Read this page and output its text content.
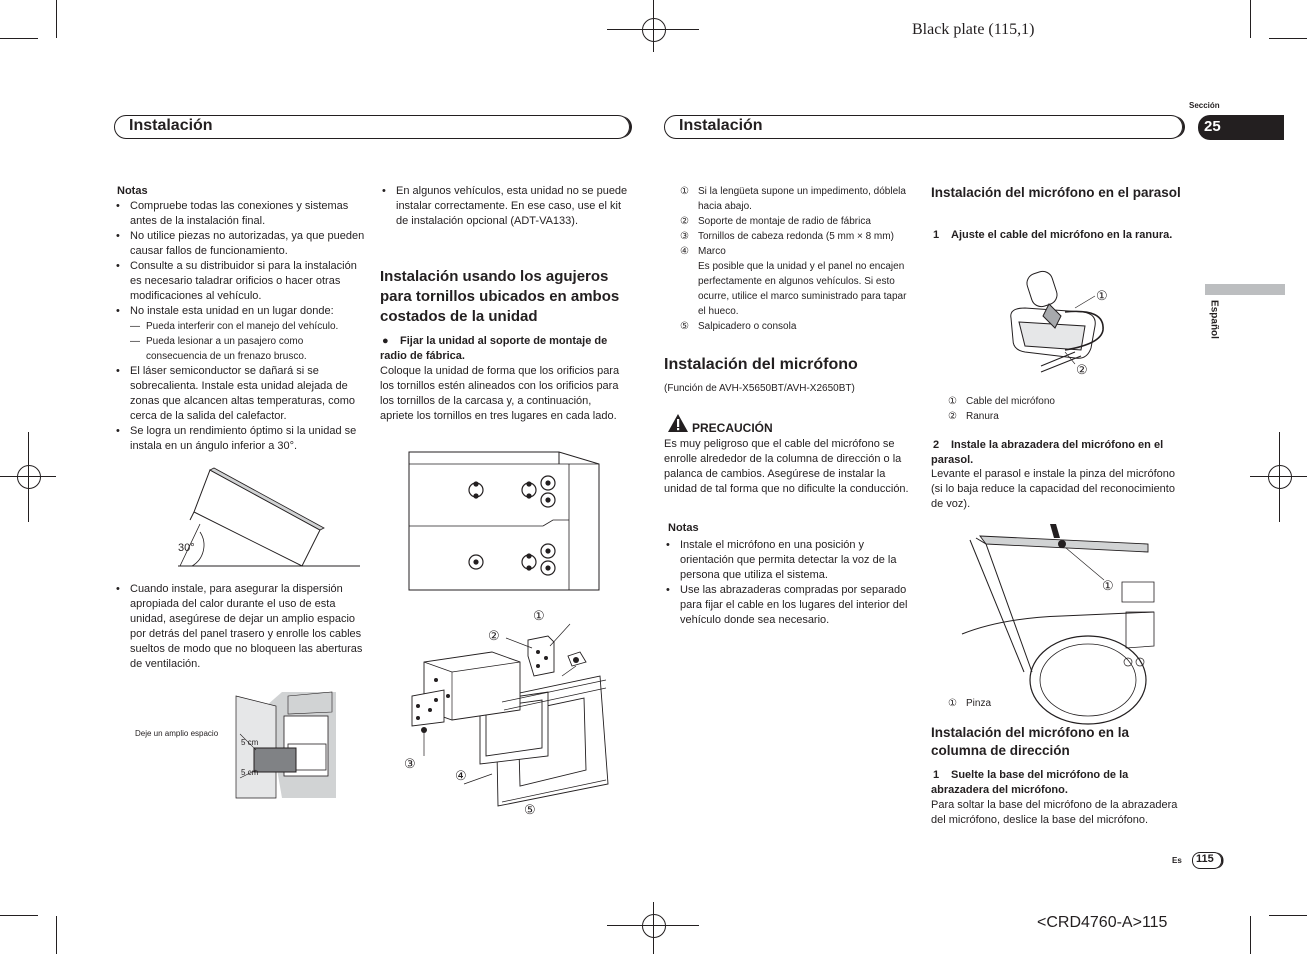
Black plate (115,1)
Sección
25
Español
Instalación	Instalación
Notas
• Compruebe todas las conexiones y sistemas antes de la instalación final.
• No utilice piezas no autorizadas, ya que pueden causar fallos de funcionamiento.
• Consulte a su distribuidor si para la instalación es necesario taladrar orificios o hacer otras modificaciones al vehículo.
• No instale esta unidad en un lugar donde:
— Pueda interferir con el manejo del vehículo.
— Pueda lesionar a un pasajero como consecuencia de un frenazo brusco.
• El láser semiconductor se dañará si se sobrecalienta. Instale esta unidad alejada de zonas que alcancen altas temperaturas, como cerca de la salida del calefactor.
• Se logra un rendimiento óptimo si la unidad se instala en un ángulo inferior a 30°.
30°
• Cuando instale, para asegurar la dispersión apropiada del calor durante el uso de esta unidad, asegúrese de dejar un amplio espacio por detrás del panel trasero y enrolle los cables sueltos de modo que no bloqueen las aberturas de ventilación.
Deje un amplio espacio
5 cm
5 cm
• En algunos vehículos, esta unidad no se puede instalar correctamente. En ese caso, use el kit de instalación opcional (ADT-VA133).
Instalación usando los agujeros para tornillos ubicados en ambos costados de la unidad
●	Fijar la unidad al soporte de montaje de radio de fábrica.
Coloque la unidad de forma que los orificios para los tornillos estén alineados con los orificios para los tornillos de la carcasa y, a continuación, apriete los tornillos en tres lugares en cada lado.
①
②
③
④
⑤
① Si la lengüeta supone un impedimento, dóblela hacia abajo.
② Soporte de montaje de radio de fábrica
③ Tornillos de cabeza redonda (5 mm × 8 mm)
④ Marco
Es posible que la unidad y el panel no encajen perfectamente en algunos vehículos. Si esto ocurre, utilice el marco suministrado para tapar el hueco.
⑤ Salpicadero o consola
Instalación del micrófono
(Función de AVH-X5650BT/AVH-X2650BT)
PRECAUCIÓN
Es muy peligroso que el cable del micrófono se enrolle alrededor de la columna de dirección o la palanca de cambios. Asegúrese de instalar la unidad de tal forma que no dificulte la conducción.
Notas
• Instale el micrófono en una posición y orientación que permita detectar la voz de la persona que utiliza el sistema.
• Use las abrazaderas compradas por separado para fijar el cable en los lugares del interior del vehículo donde sea necesario.
Instalación del micrófono en el parasol
1	Ajuste el cable del micrófono en la ranura.
①
②
① Cable del micrófono
② Ranura
2	Instale la abrazadera del micrófono en el parasol.
Levante el parasol e instale la pinza del micrófono (si lo baja reduce la capacidad del reconocimiento de voz).
①
① Pinza
Instalación del micrófono en la columna de dirección
1	Suelte la base del micrófono de la abrazadera del micrófono.
Para soltar la base del micrófono de la abrazadera del micrófono, deslice la base del micrófono.
Es 115
<CRD4760-A>115
